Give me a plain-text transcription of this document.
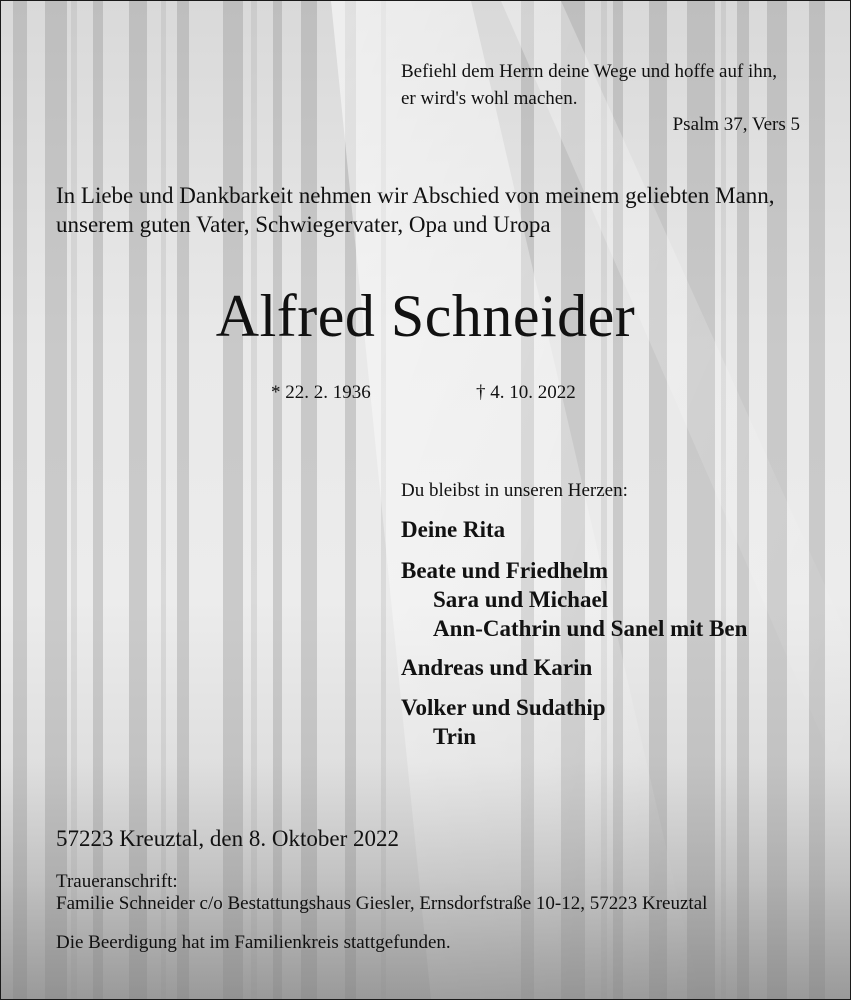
Befiehl dem Herrn deine Wege und hoffe auf ihn,
er wird's wohl machen.

Psalm 37, Vers 5

In Liebe und Dankbarkeit nehmen wir Abschied von meinem geliebten Mann,
unserem guten Vater, Schwiegervater, Opa und Uropa

Alfred Schneider

* 22. 2. 1936	† 4. 10. 2022

Du bleibst in unseren Herzen:

Deine Rita

Beate und Friedhelm

Sara und Michael

Ann-Cathrin und Sanel mit Ben

Andreas und Karin

Volker und Sudathip

Trin

57223 Kreuztal, den 8. Oktober 2022

Traueranschrift:

Familie Schneider c/o Bestattungshaus Giesler, Ernsdorfstraße 10-12, 57223 Kreuztal

Die Beerdigung hat im Familienkreis stattgefunden.
